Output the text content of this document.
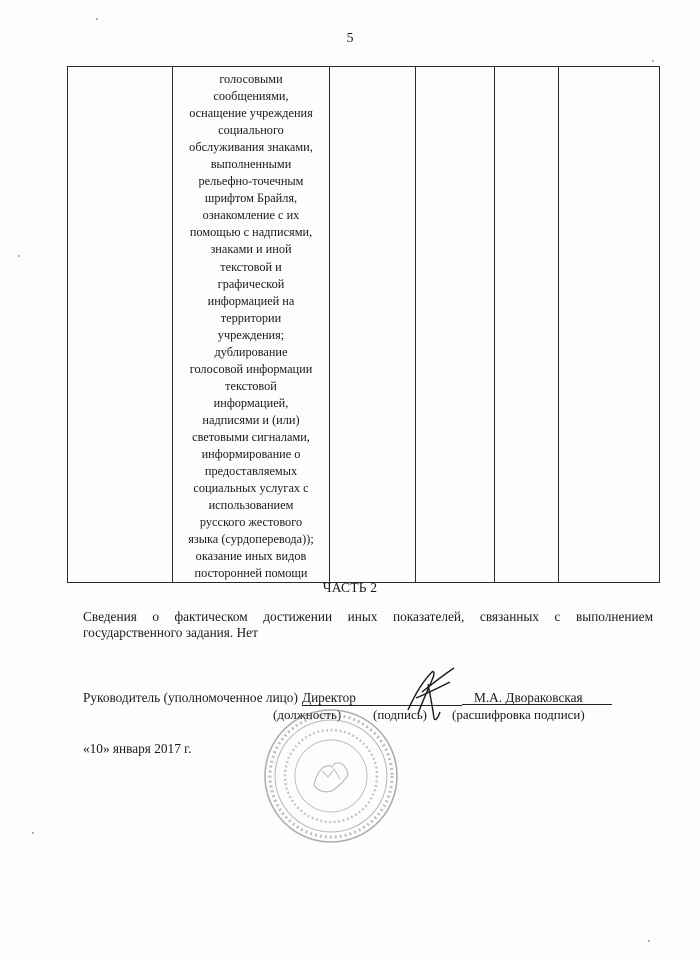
5

голосовыми
сообщениями,
оснащение учреждения
социального
обслуживания знаками,
выполненными
рельефно-точечным
шрифтом Брайля,
ознакомление с их
помощью с надписями,
знаками и иной
текстовой и
графической
информацией на
территории
учреждения;
дублирование
голосовой информации
текстовой
информацией,
надписями и (или)
световыми сигналами,
информирование о
предоставляемых
социальных услугах с
использованием
русского жестового
языка (сурдоперевода));
оказание иных видов
посторонней помощи

ЧАСТЬ 2
Сведения о фактическом достижении иных показателей, связанных с выполнением
государственного задания. Нет
Руководитель (уполномоченное лицо) Директор	М.А. Двораковская
(должность) (подпись) (расшифровка подписи)
«10» января 2017 г.
